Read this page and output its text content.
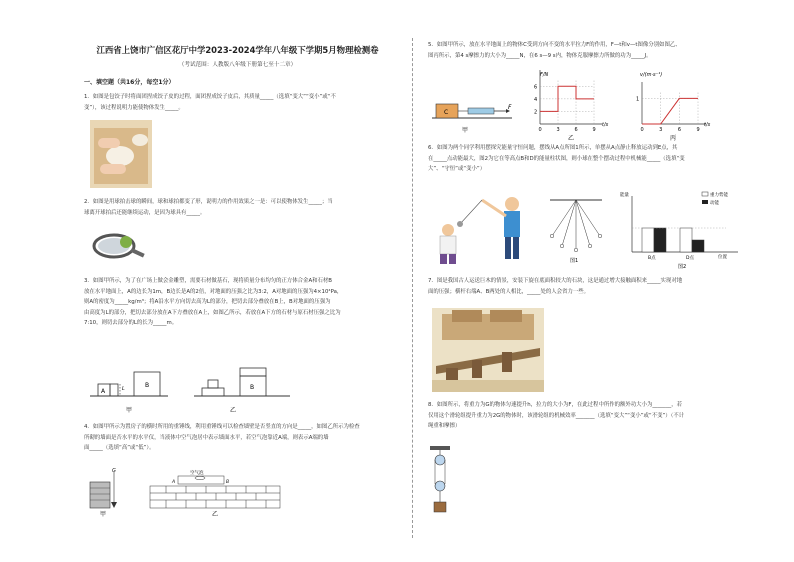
江西省上饶市广信区花厅中学2023-2024学年八年级下学期5月物理检测卷
（考试范围：人教版八年级下册第七至十二章）
一、填空题（共16分，每空1分）
1．如图是包饺子时将面团捏成饺子皮的过程，面团捏成饺子皮后，其质量_____（选填“变大”“变小”或“不
变”），该过程说明力能使物体发生_____。
2．如图是用球拍击球的瞬间，球和球拍都变了形，说明力的作用效果之一是：可以使物体发生_____；当
球离开球拍后还能继续运动，是因为球具有_____。
3．如图甲所示，为了在广场上做会金雕塑，需要石材做基石，现将质量分布均匀的正方体合金A和石材B
放在水平地面上，A的边长为1m，B边长是A的2倍，对地面的压强之比为3:2，A对地面的压强为4×10⁴Pa，
则A的密度为_____kg/m³；将A沿水平方向切去高为L的部分，把切去部分叠放在B上，B对地面的压强为
由高度为L的部分，把切去部分放在A下方叠放在A上，如图乙所示，若放在A下方的石材与原石材压强之比为
7:10，则切去部分的L的长为_____m。
A	L	B
甲
B
乙
4．如图甲所示为置房子的横时所用的重锤线，利用重锤线可以检查墙壁是否竖直的方向是_____，如图乙所示为检查
所砌的墙面是否水平的水平仪，当液体中空气泡居中表示墙面水平，若空气泡靠近A端，则表示A端的墙
面_____（选填“高”或“低”）。
G
甲
空气泡
A	B
乙
5．如图甲所示，放在水平地面上的物体C受到方向不变的水平拉力F的作用，F—t和v—t图像分别如图乙、
图丙所示，第4 s摩擦力的大小为_____N，在6 s—9 s内，物体克服摩擦力所做的功为_____J。
C
F
甲
F/N
t/s
乙
0	3	6	9
2
4
6
v/(m·s⁻¹)
t/s
丙
0	3	6	9
1
6．如图为两个同学利用摆探究能量守恒问题，摆线从A点所图1所示，单摆从A点静止释放运动到E点，其
在_____点动能最大，图2为它在等高点B和D的能量柱状图，则小球在整个摆动过程中机械能_____（选填“变
大”、“守恒”或“变小”）
图1
能量
位置
重力势能
动能
图2
B点	D点
7．图是我国古人运送巨木的情景，安装下旋在底面积较大的石块，这是通过增大接触面积来_____实现对地
面的压强；横杆右端A、B两处的人相比，_____处的人会省力一些。
8．如图所示，将重力为G的物体匀速提升h，拉力的大小为F，在此过程中所作的额外功大小为_______，若
仅用这个滑轮组提升重力为2G的物体时，该滑轮组的机械效率_______（选填“变大”“变小”或“不变”）（不计
绳重和摩擦）
